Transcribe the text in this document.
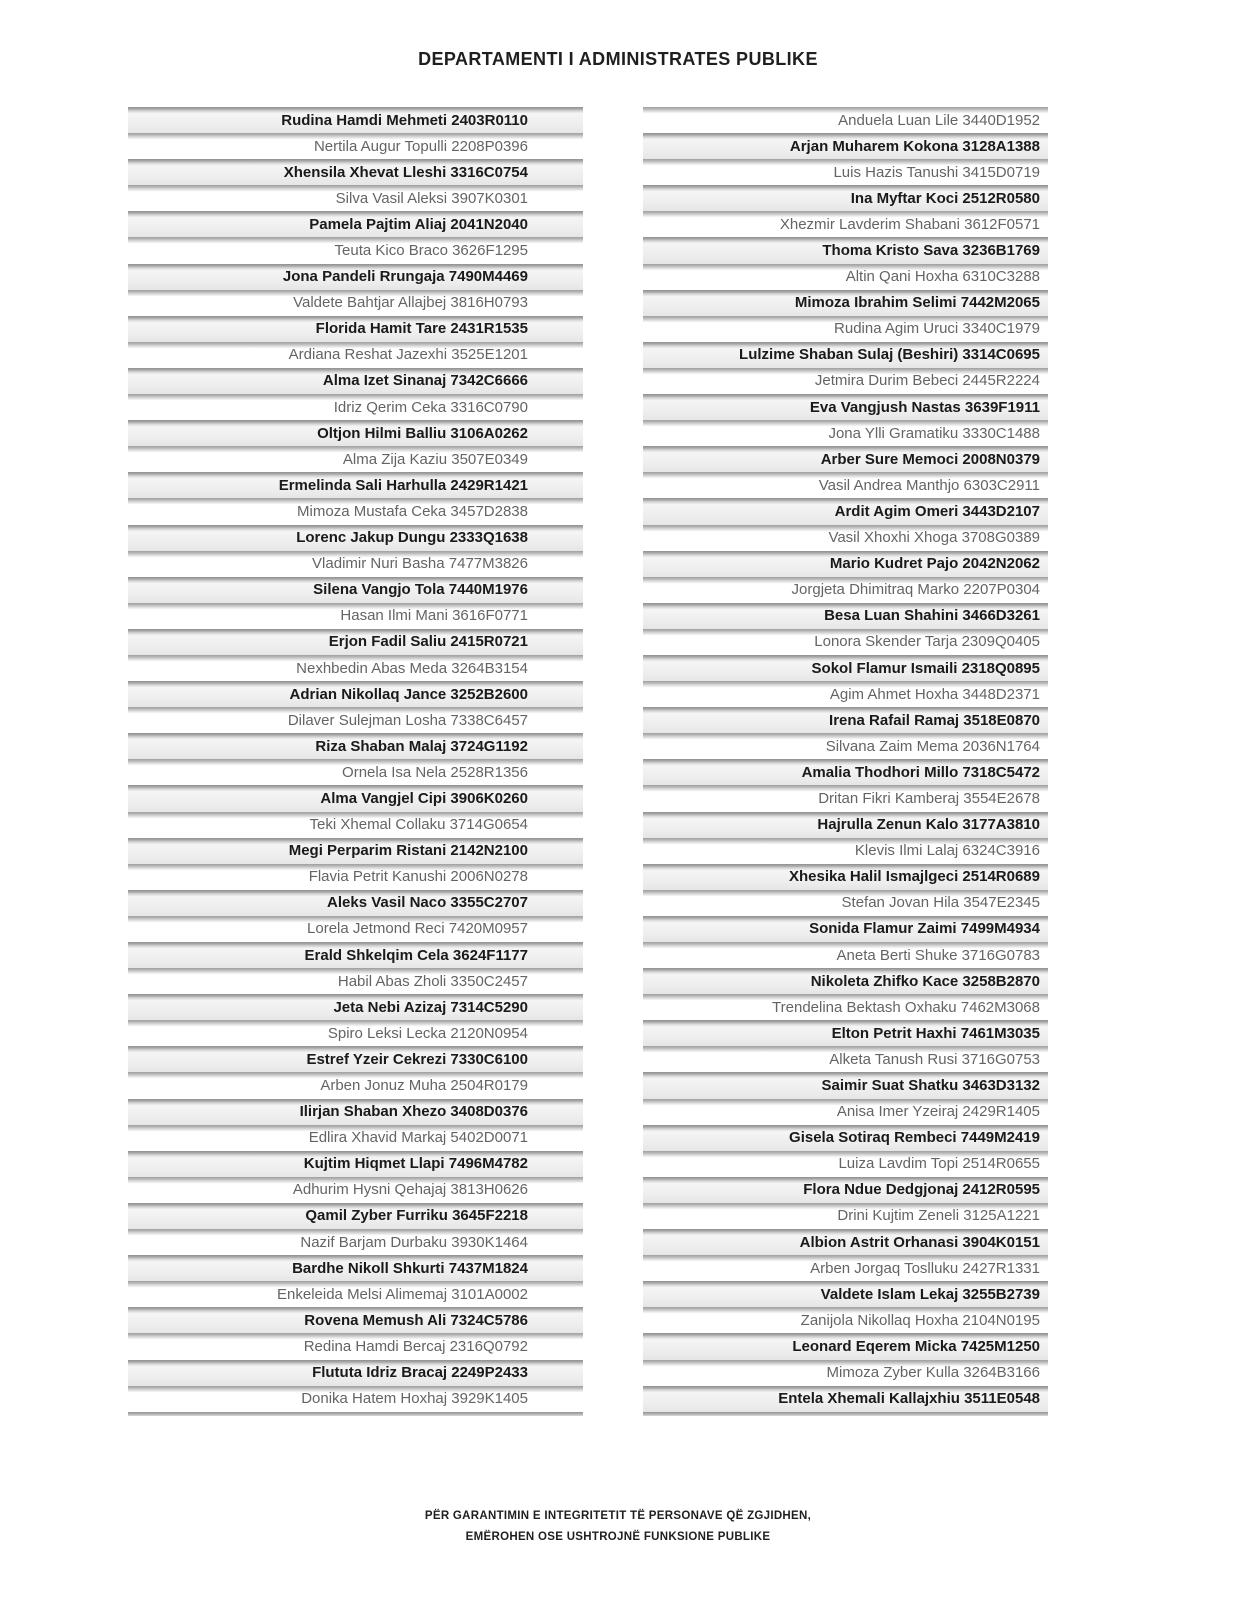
DEPARTAMENTI I ADMINISTRATES PUBLIKE
Rudina Hamdi Mehmeti 2403R0110
Nertila Augur Topulli 2208P0396
Xhensila Xhevat Lleshi 3316C0754
Silva Vasil Aleksi 3907K0301
Pamela Pajtim Aliaj 2041N2040
Teuta Kico Braco 3626F1295
Jona Pandeli Rrungaja 7490M4469
Valdete Bahtjar Allajbej 3816H0793
Florida Hamit Tare 2431R1535
Ardiana Reshat Jazexhi 3525E1201
Alma Izet Sinanaj 7342C6666
Idriz Qerim Ceka 3316C0790
Oltjon Hilmi Balliu 3106A0262
Alma Zija Kaziu 3507E0349
Ermelinda Sali Harhulla 2429R1421
Mimoza Mustafa Ceka 3457D2838
Lorenc Jakup Dungu 2333Q1638
Vladimir Nuri Basha 7477M3826
Silena Vangjo Tola 7440M1976
Hasan Ilmi Mani 3616F0771
Erjon Fadil Saliu 2415R0721
Nexhbedin Abas Meda 3264B3154
Adrian Nikollaq Jance 3252B2600
Dilaver Sulejman Losha 7338C6457
Riza Shaban Malaj 3724G1192
Ornela Isa Nela 2528R1356
Alma Vangjel Cipi 3906K0260
Teki Xhemal Collaku 3714G0654
Megi Perparim Ristani 2142N2100
Flavia Petrit Kanushi 2006N0278
Aleks Vasil Naco 3355C2707
Lorela Jetmond Reci 7420M0957
Erald Shkelqim Cela 3624F1177
Habil Abas Zholi 3350C2457
Jeta Nebi Azizaj 7314C5290
Spiro Leksi Lecka 2120N0954
Estref Yzeir Cekrezi 7330C6100
Arben Jonuz Muha 2504R0179
Ilirjan Shaban Xhezo 3408D0376
Edlira Xhavid Markaj 5402D0071
Kujtim Hiqmet Llapi 7496M4782
Adhurim Hysni Qehajaj 3813H0626
Qamil Zyber Furriku 3645F2218
Nazif Barjam Durbaku 3930K1464
Bardhe Nikoll Shkurti 7437M1824
Enkeleida Melsi Alimemaj 3101A0002
Rovena Memush Ali 7324C5786
Redina Hamdi Bercaj 2316Q0792
Flututa Idriz Bracaj 2249P2433
Donika Hatem Hoxhaj 3929K1405
Anduela Luan Lile 3440D1952
Arjan Muharem Kokona 3128A1388
Luis Hazis Tanushi 3415D0719
Ina Myftar Koci 2512R0580
Xhezmir Lavderim Shabani 3612F0571
Thoma Kristo Sava 3236B1769
Altin Qani Hoxha 6310C3288
Mimoza Ibrahim Selimi 7442M2065
Rudina Agim Uruci 3340C1979
Lulzime Shaban Sulaj (Beshiri) 3314C0695
Jetmira Durim Bebeci 2445R2224
Eva Vangjush Nastas 3639F1911
Jona Ylli Gramatiku 3330C1488
Arber Sure Memoci 2008N0379
Vasil Andrea Manthjo 6303C2911
Ardit Agim Omeri 3443D2107
Vasil Xhoxhi Xhoga 3708G0389
Mario Kudret Pajo 2042N2062
Jorgjeta Dhimitraq Marko 2207P0304
Besa Luan Shahini 3466D3261
Lonora Skender Tarja 2309Q0405
Sokol Flamur Ismaili 2318Q0895
Agim Ahmet Hoxha 3448D2371
Irena Rafail Ramaj 3518E0870
Silvana Zaim Mema 2036N1764
Amalia Thodhori Millo 7318C5472
Dritan Fikri Kamberaj 3554E2678
Hajrulla Zenun Kalo 3177A3810
Klevis Ilmi Lalaj 6324C3916
Xhesika Halil Ismajlgeci 2514R0689
Stefan Jovan Hila 3547E2345
Sonida Flamur Zaimi 7499M4934
Aneta Berti Shuke 3716G0783
Nikoleta Zhifko Kace 3258B2870
Trendelina Bektash Oxhaku 7462M3068
Elton Petrit Haxhi 7461M3035
Alketa Tanush Rusi 3716G0753
Saimir Suat Shatku 3463D3132
Anisa Imer Yzeiraj 2429R1405
Gisela Sotiraq Rembeci 7449M2419
Luiza Lavdim Topi 2514R0655
Flora Ndue Dedgjonaj 2412R0595
Drini Kujtim Zeneli 3125A1221
Albion Astrit Orhanasi 3904K0151
Arben Jorgaq Toslluku 2427R1331
Valdete Islam Lekaj 3255B2739
Zanijola Nikollaq Hoxha 2104N0195
Leonard Eqerem Micka 7425M1250
Mimoza Zyber Kulla 3264B3166
Entela Xhemali Kallajxhiu 3511E0548
PËR GARANTIMIN E INTEGRITETIT TË PERSONAVE QË ZGJIDHEN,
EMËROHEN OSE USHTROJNË FUNKSIONE PUBLIKE
